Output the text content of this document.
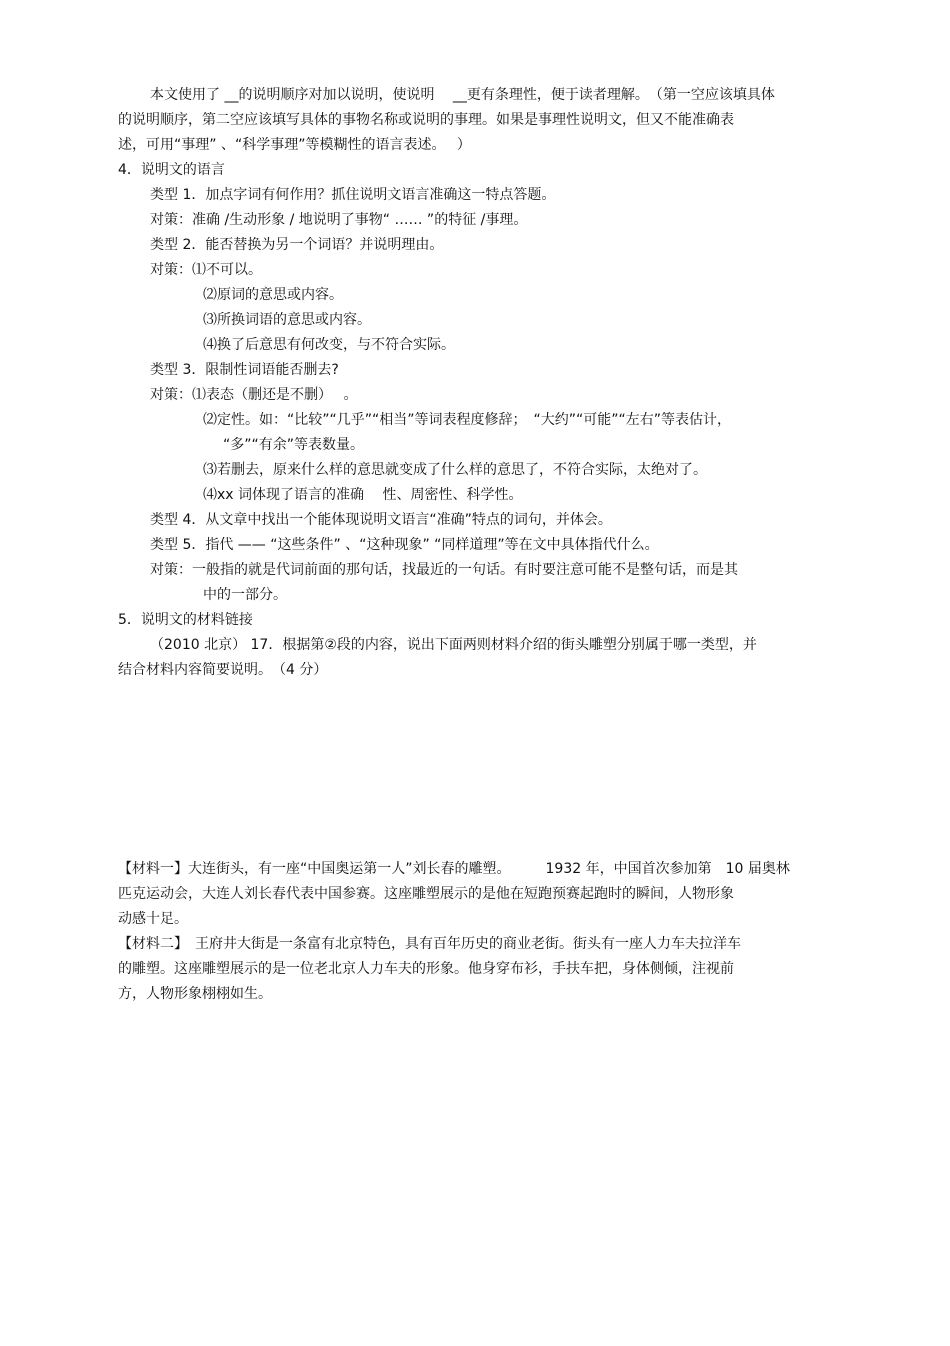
本文使用了 __的说明顺序对加以说明，使说明　 __更有条理性，便于读者理解。　（第一空应该填具体
的说明顺序，第二空应该填写具体的事物名称或说明的事理。如果是事理性说明文，但又不能准确表
述，可用“事理” 、“科学事理”等模糊性的语言表述。　 ）
4．说明文的语言
类型 1．加点字词有何作用？抓住说明文语言准确这一特点答题。
对策：准确 /生动形象 / 地说明了事物“ …… ”的特征 /事理。
类型 2．能否替换为另一个词语？并说明理由。
对策：⑴不可以。
⑵原词的意思或内容。
⑶所换词语的意思或内容。
⑷换了后意思有何改变，与不符合实际。
类型 3．限制性词语能否删去?
对策：⑴表态（删还是不删）　 。
⑵定性。如：“比较”“几乎”“相当”等词表程度修辞；　“大约”“可能”“左右”等表估计，
“多”“有余”等表数量。
⑶若删去，原来什么样的意思就变成了什么样的意思了，不符合实际，太绝对了。
⑷xx 词体现了语言的准确　 性、周密性、科学性。
类型 4．从文章中找出一个能体现说明文语言“准确”特点的词句，并体会。
类型 5．指代 —— “这些条件” 、“这种现象” “同样道理”等在文中具体指代什么。
对策：一般指的就是代词前面的那句话，找最近的一句话。有时要注意可能不是整句话，而是其
中的一部分。
5．说明文的材料链接
（2010 北京） 17．根据第②段的内容，说出下面两则材料介绍的街头雕塑分别属于哪一类型，并
结合材料内容简要说明。　（4 分）
【材料一】大连街头，有一座“中国奥运第一人”刘长春的雕塑。　　　1932 年，中国首次参加第　10 届奥林
匹克运动会，大连人刘长春代表中国参赛。这座雕塑展示的是他在短跑预赛起跑时的瞬间，人物形象
动感十足。
【材料二】　王府井大街是一条富有北京特色，具有百年历史的商业老街。街头有一座人力车夫拉洋车
的雕塑。这座雕塑展示的是一位老北京人力车夫的形象。他身穿布衫，手扶车把，身体侧倾，注视前
方，人物形象栩栩如生。
